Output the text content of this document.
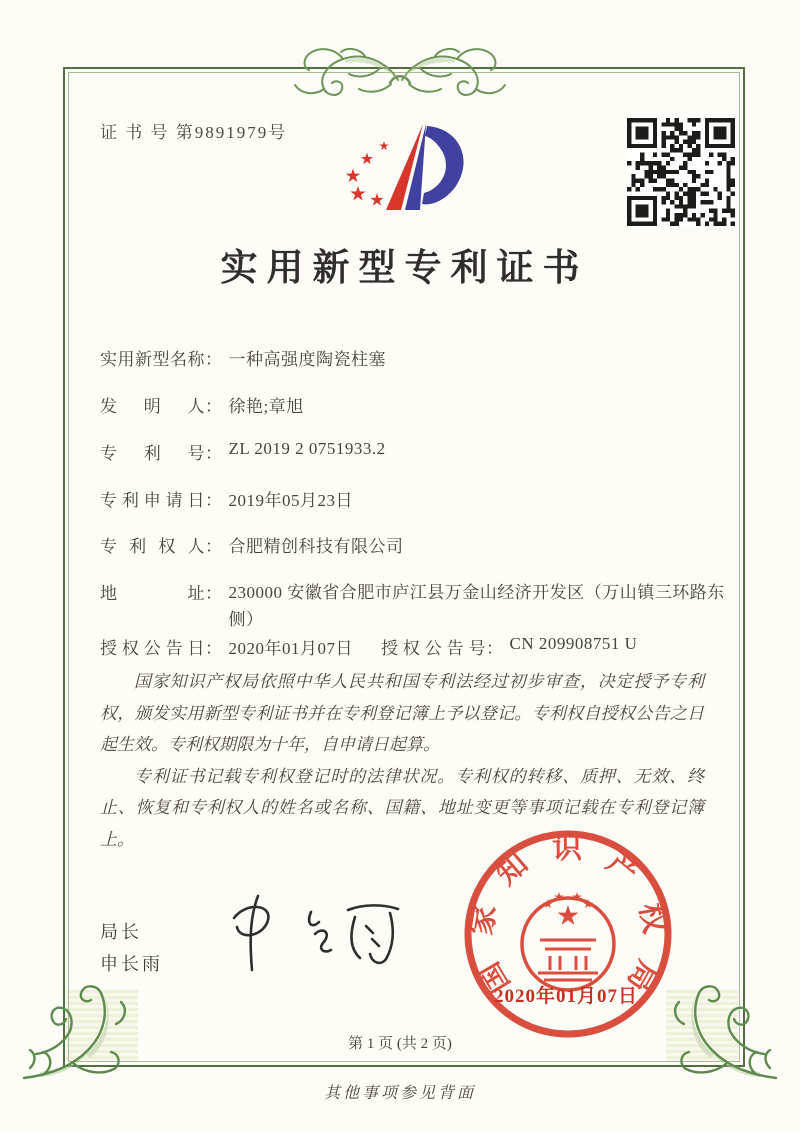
证 书 号 第9891979号
实用新型专利证书
实用新型名称 ： 一种高强度陶瓷柱塞
发明人 ： 徐艳;章旭
专利号 ： ZL 2019 2 0751933.2
专利申请日 ： 2019年05月23日
专利权人 ： 合肥精创科技有限公司
地址 ： 230000 安徽省合肥市庐江县万金山经济开发区（万山镇三环路东侧）
授权公告日 ： 2020年01月07日 授权公告号 ： CN 209908751 U

国家知识产权局依照中华人民共和国专利法经过初步审查，决定授予专利权，颁发实用新型专利证书并在专利登记簿上予以登记。专利权自授权公告之日起生效。专利权期限为十年，自申请日起算。

专利证书记载专利权登记时的法律状况。专利权的转移、质押、无效、终止、恢复和专利权人的姓名或名称、国籍、地址变更等事项记载在专利登记簿上。

局长
申长雨	国家知识产权局
2020年01月07日
第 1 页 (共 2 页)
其他事项参见背面
